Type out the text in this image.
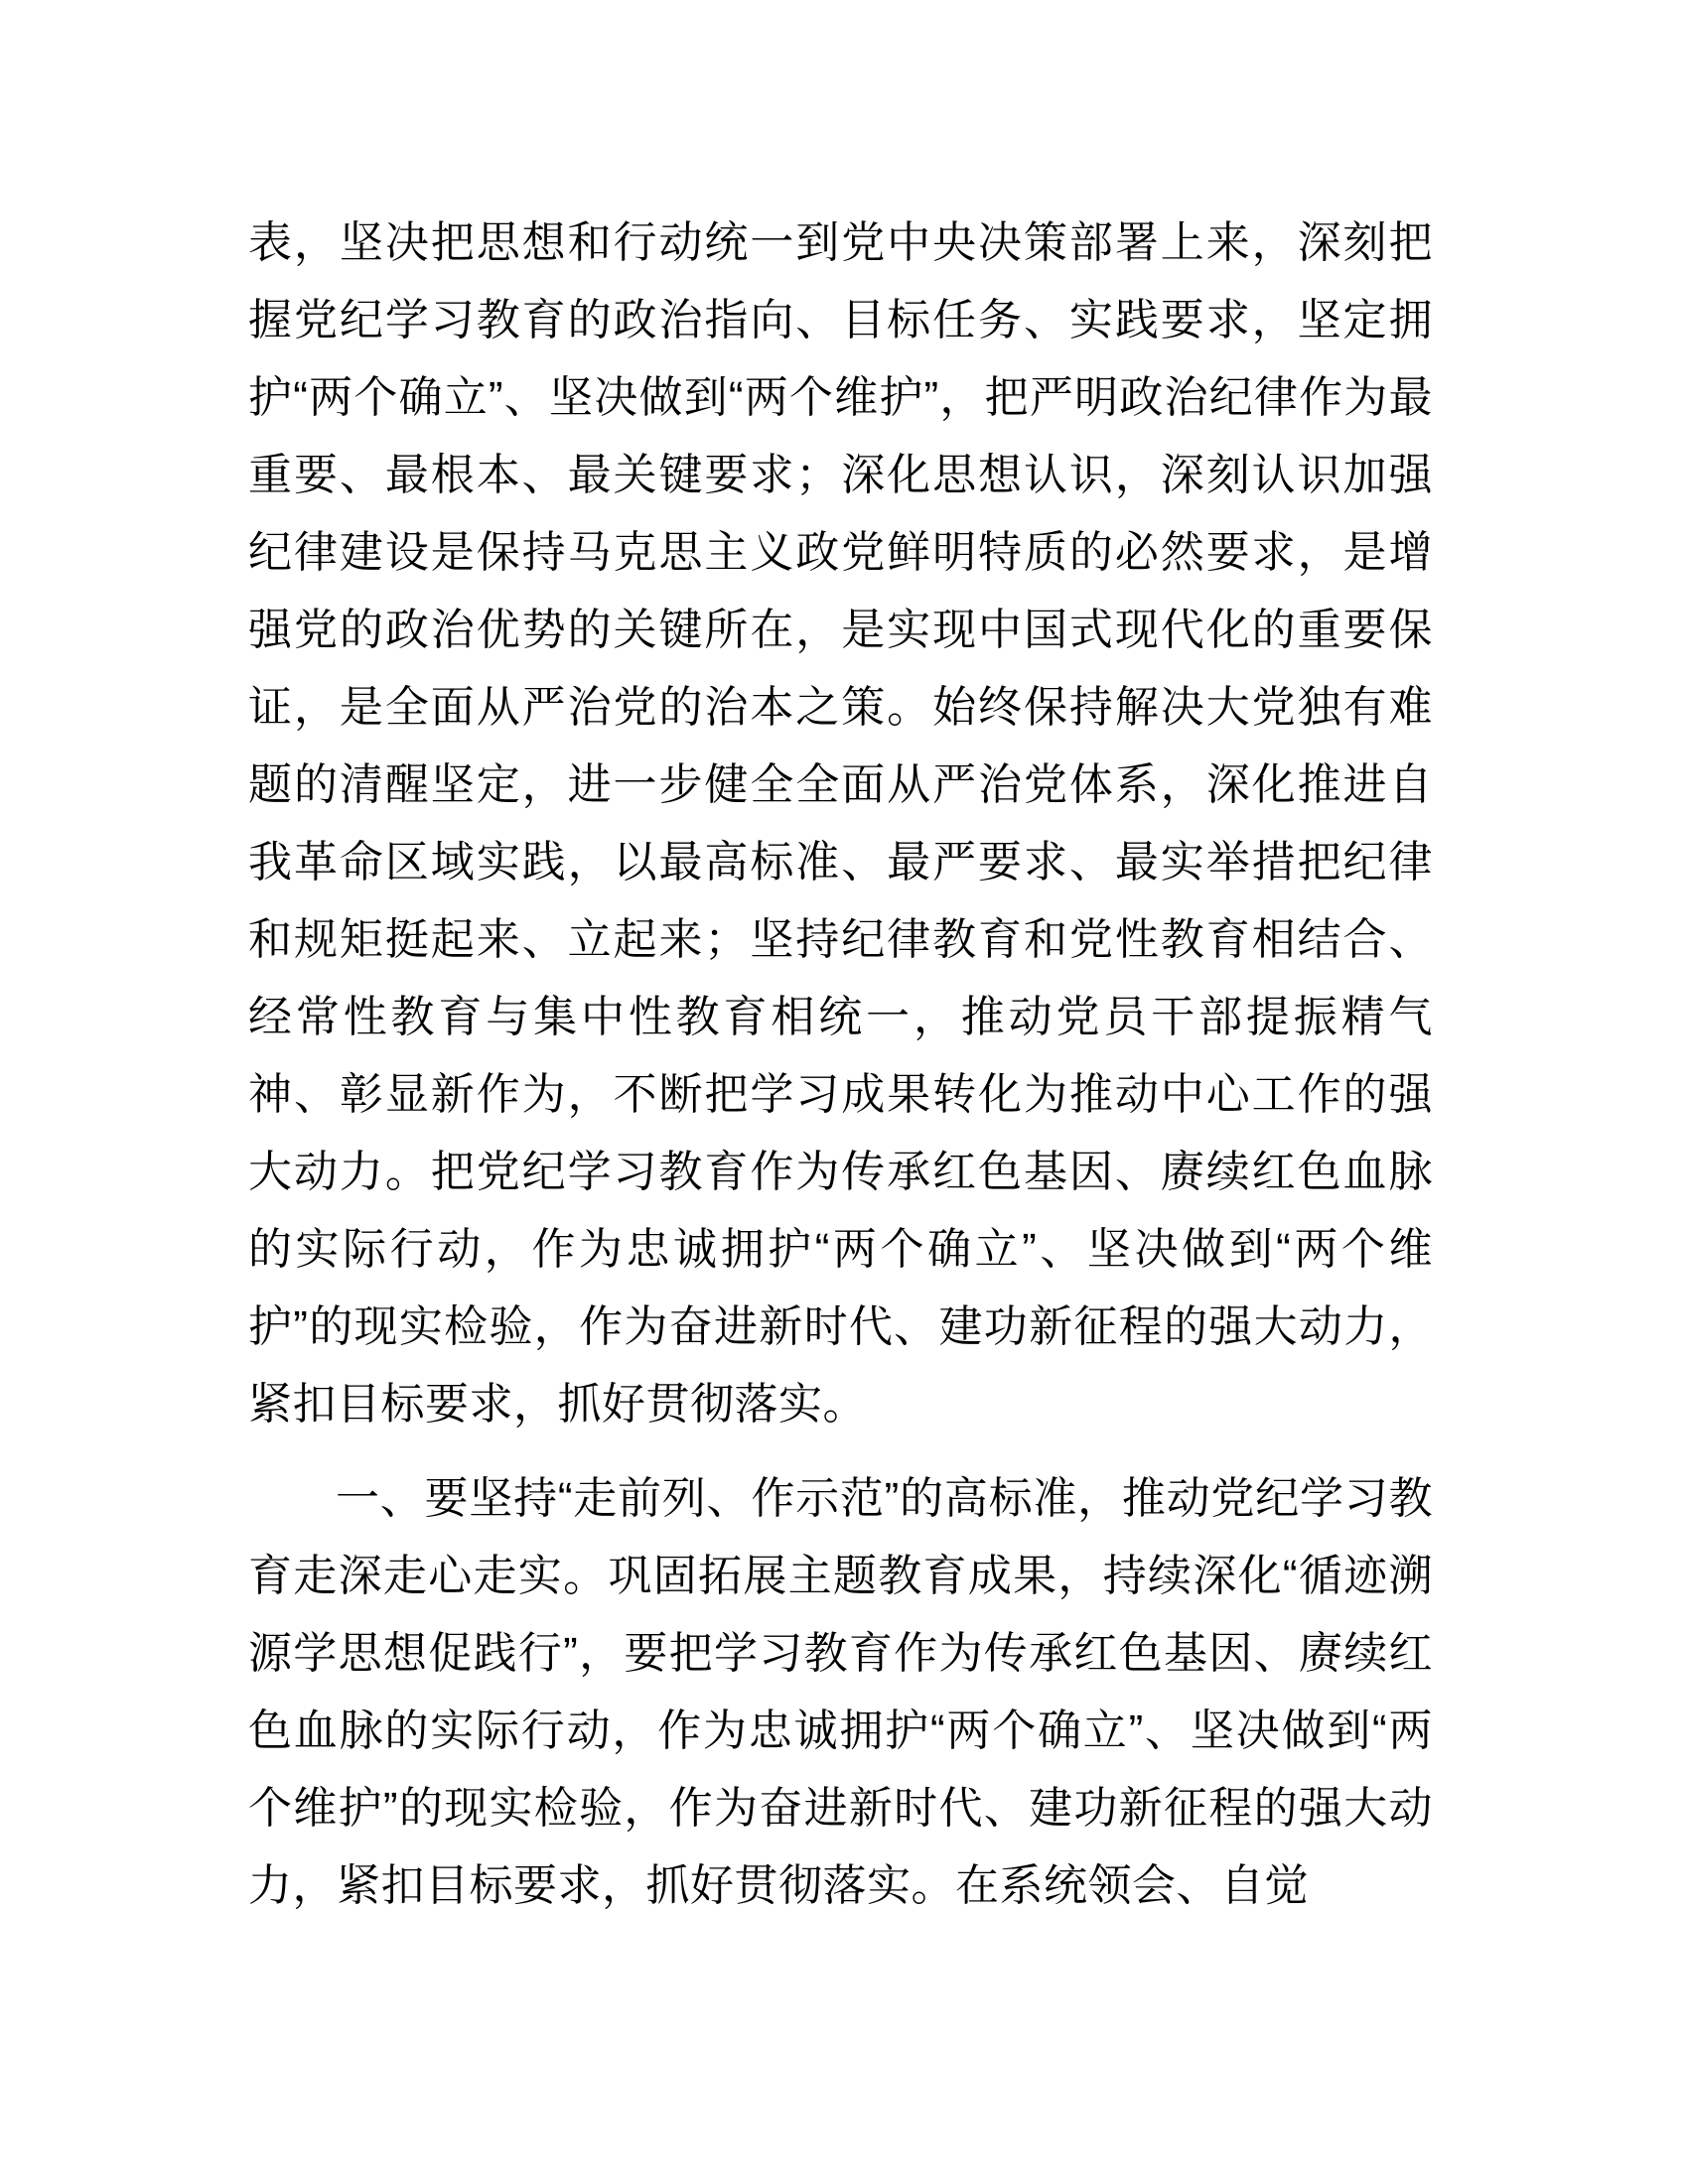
表，坚决把思想和行动统一到党中央决策部署上来，深刻把握党纪学习教育的政治指向、目标任务、实践要求，坚定拥护“两个确立”、坚决做到“两个维护”，把严明政治纪律作为最重要、最根本、最关键要求；深化思想认识，深刻认识加强纪律建设是保持马克思主义政党鲜明特质的必然要求，是增强党的政治优势的关键所在，是实现中国式现代化的重要保证，是全面从严治党的治本之策。始终保持解决大党独有难题的清醒坚定，进一步健全全面从严治党体系，深化推进自我革命区域实践，以最高标准、最严要求、最实举措把纪律和规矩挺起来、立起来；坚持纪律教育和党性教育相结合、经常性教育与集中性教育相统一，推动党员干部提振精气神、彰显新作为，不断把学习成果转化为推动中心工作的强大动力。把党纪学习教育作为传承红色基因、赓续红色血脉的实际行动，作为忠诚拥护“两个确立”、坚决做到“两个维护”的现实检验，作为奋进新时代、建功新征程的强大动力，紧扣目标要求，抓好贯彻落实。

一、要坚持“走前列、作示范”的高标准，推动党纪学习教育走深走心走实。巩固拓展主题教育成果，持续深化“循迹溯源学思想促践行”，要把学习教育作为传承红色基因、赓续红色血脉的实际行动，作为忠诚拥护“两个确立”、坚决做到“两个维护”的现实检验，作为奋进新时代、建功新征程的强大动力，紧扣目标要求，抓好贯彻落实。在系统领会、自觉
